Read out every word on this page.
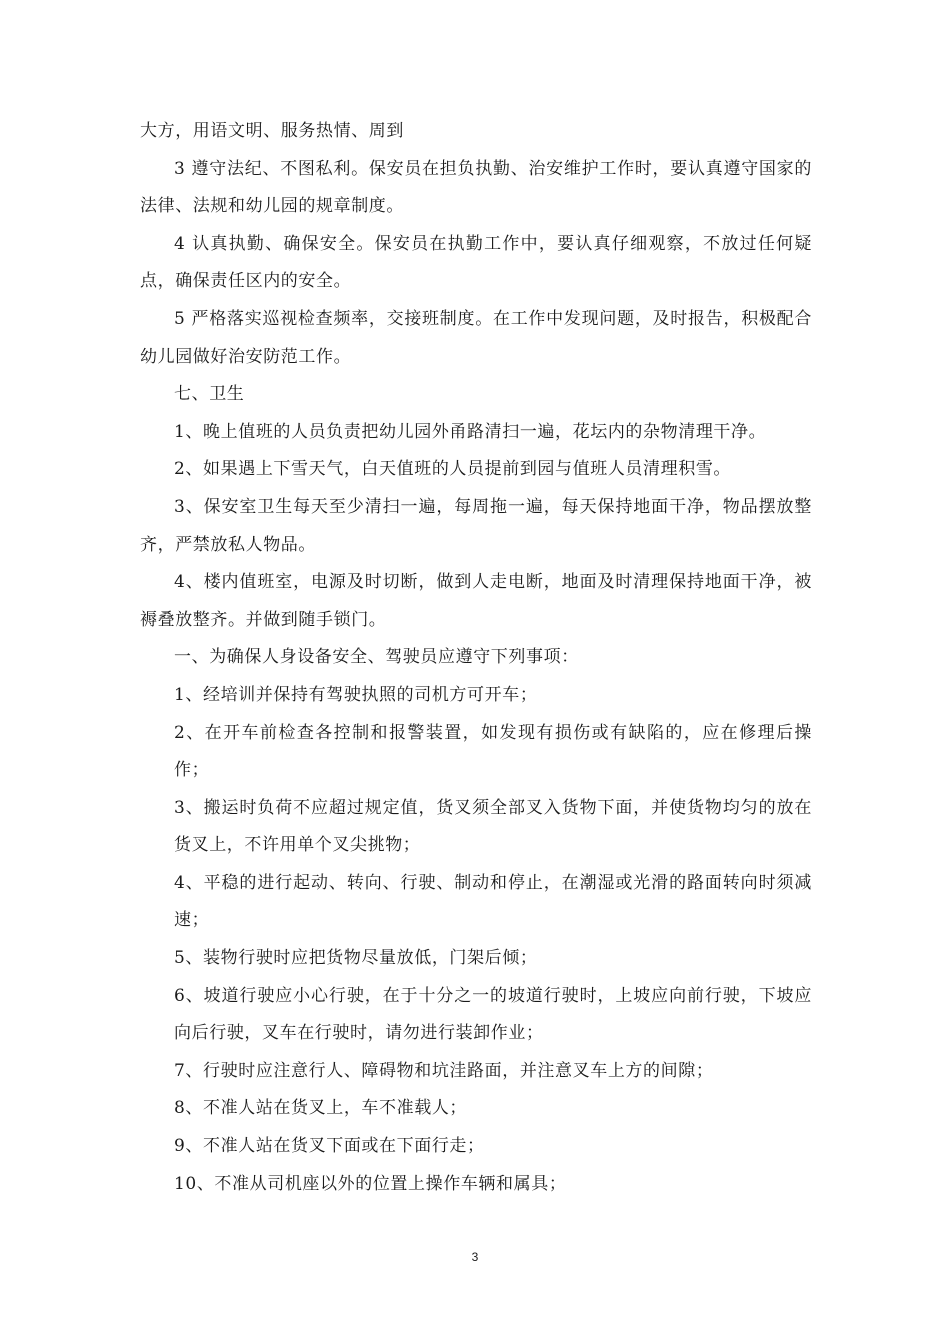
大方，用语文明、服务热情、周到

3 遵守法纪、不图私利。保安员在担负执勤、治安维护工作时，要认真遵守国家的法律、法规和幼儿园的规章制度。

4 认真执勤、确保安全。保安员在执勤工作中，要认真仔细观察，不放过任何疑点，确保责任区内的安全。

5 严格落实巡视检查频率，交接班制度。在工作中发现问题，及时报告，积极配合幼儿园做好治安防范工作。

七、卫生

1、晚上值班的人员负责把幼儿园外甬路清扫一遍，花坛内的杂物清理干净。

2、如果遇上下雪天气，白天值班的人员提前到园与值班人员清理积雪。

3、保安室卫生每天至少清扫一遍，每周拖一遍，每天保持地面干净，物品摆放整齐，严禁放私人物品。

4、楼内值班室，电源及时切断，做到人走电断，地面及时清理保持地面干净，被褥叠放整齐。并做到随手锁门。

一、为确保人身设备安全、驾驶员应遵守下列事项：

1、经培训并保持有驾驶执照的司机方可开车；

2、在开车前检查各控制和报警装置，如发现有损伤或有缺陷的，应在修理后操作；

3、搬运时负荷不应超过规定值，货叉须全部叉入货物下面，并使货物均匀的放在货叉上，不许用单个叉尖挑物；

4、平稳的进行起动、转向、行驶、制动和停止，在潮湿或光滑的路面转向时须减速；

5、装物行驶时应把货物尽量放低，门架后倾；

6、坡道行驶应小心行驶，在于十分之一的坡道行驶时，上坡应向前行驶，下坡应向后行驶，叉车在行驶时，请勿进行装卸作业；

7、行驶时应注意行人、障碍物和坑洼路面，并注意叉车上方的间隙；

8、不准人站在货叉上，车不准载人；

9、不准人站在货叉下面或在下面行走；

10、不准从司机座以外的位置上操作车辆和属具；

3
